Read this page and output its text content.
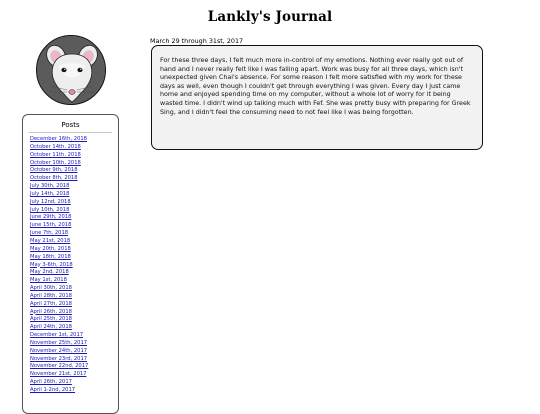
Lankly's Journal
Posts
December 16th, 2018
October 14th, 2018
October 11th, 2018
October 10th, 2018
October 9th, 2018
October 8th, 2018
July 30th, 2018
July 14th, 2018
July 12nd, 2018
July 10th, 2018
June 29th, 2018
June 15th, 2018
June 7th, 2018
May 21st, 2018
May 20th, 2018
May 18th, 2018
May 3-6th, 2018
May 2nd, 2018
May 1st, 2018
April 30th, 2018
April 28th, 2018
April 27th, 2018
April 26th, 2018
April 25th, 2018
April 24th, 2018
December 1st, 2017
November 25th, 2017
November 24th, 2017
November 23rd, 2017
November 22nd, 2017
November 21st, 2017
April 26th, 2017
April 1-2nd, 2017

March 29 through 31st, 2017

For these three days, I felt much more in-control of my emotions. Nothing ever really got out of hand and I never really felt like I was falling apart. Work was busy for all three days, which isn't unexpected given Chai's absence. For some reason I felt more satisfied with my work for these days as well, even though I couldn't get through everything I was given. Every day I just came home and enjoyed spending time on my computer, without a whole lot of worry for it being wasted time. I didn't wind up talking much with Fef. She was pretty busy with preparing for Greek Sing, and I didn't feel the consuming need to not feel like I was being forgotten.
